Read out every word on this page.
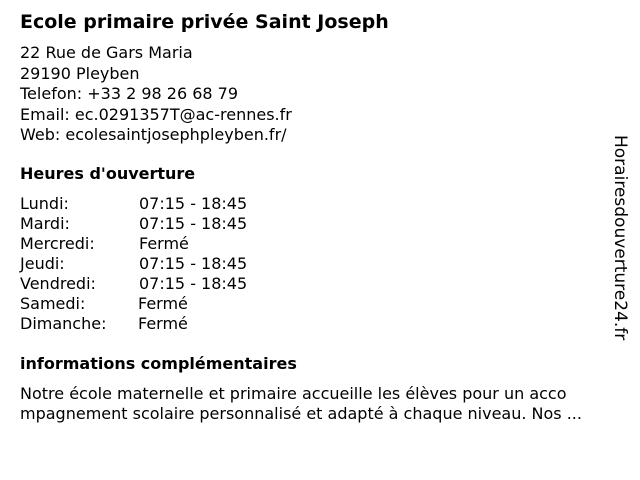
Ecole primaire privée Saint Joseph
22 Rue de Gars Maria
29190 Pleyben
Telefon: +33 2 98 26 68 79
Email: ec.0291357T@ac-rennes.fr
Web: ecolesaintjosephpleyben.fr/
Heures d'ouverture
Lundi:	07:15 - 18:45
Mardi:	07:15 - 18:45
Mercredi:	Fermé
Jeudi:	07:15 - 18:45
Vendredi:	07:15 - 18:45
Samedi:	Fermé
Dimanche: Fermé
informations complémentaires
Notre école maternelle et primaire accueille les élèves pour un acco
mpagnement scolaire personnalisé et adapté à chaque niveau. Nos ...
Horairesdouverture24.fr
